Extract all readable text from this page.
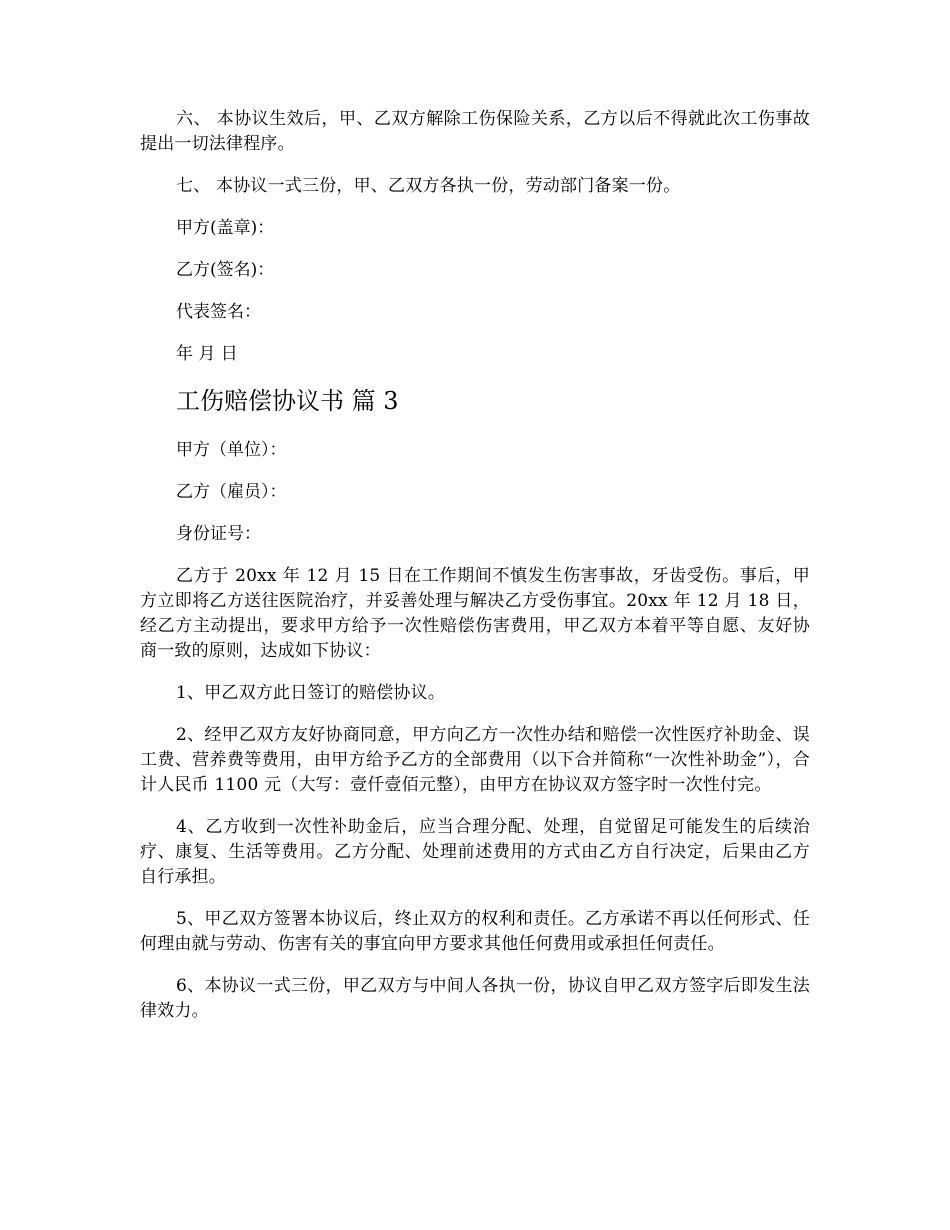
六、 本协议生效后，甲、乙双方解除工伤保险关系，乙方以后不得就此次工伤事故提出一切法律程序。

七、 本协议一式三份，甲、乙双方各执一份，劳动部门备案一份。

甲方(盖章)：

乙方(签名)：

代表签名：

年 月 日

工伤赔偿协议书 篇 3

甲方（单位）：

乙方（雇员）：

身份证号：

乙方于 20xx 年 12 月 15 日在工作期间不慎发生伤害事故，牙齿受伤。事后，甲方立即将乙方送往医院治疗，并妥善处理与解决乙方受伤事宜。20xx 年 12 月 18 日，经乙方主动提出，要求甲方给予一次性赔偿伤害费用，甲乙双方本着平等自愿、友好协商一致的原则，达成如下协议：

1、甲乙双方此日签订的赔偿协议。

2、经甲乙双方友好协商同意，甲方向乙方一次性办结和赔偿一次性医疗补助金、误工费、营养费等费用，由甲方给予乙方的全部费用（以下合并简称“一次性补助金”），合计人民币 1100 元（大写：壹仟壹佰元整），由甲方在协议双方签字时一次性付完。

4、乙方收到一次性补助金后，应当合理分配、处理，自觉留足可能发生的后续治疗、康复、生活等费用。乙方分配、处理前述费用的方式由乙方自行决定，后果由乙方自行承担。

5、甲乙双方签署本协议后，终止双方的权利和责任。乙方承诺不再以任何形式、任何理由就与劳动、伤害有关的事宜向甲方要求其他任何费用或承担任何责任。

6、本协议一式三份，甲乙双方与中间人各执一份，协议自甲乙双方签字后即发生法律效力。
